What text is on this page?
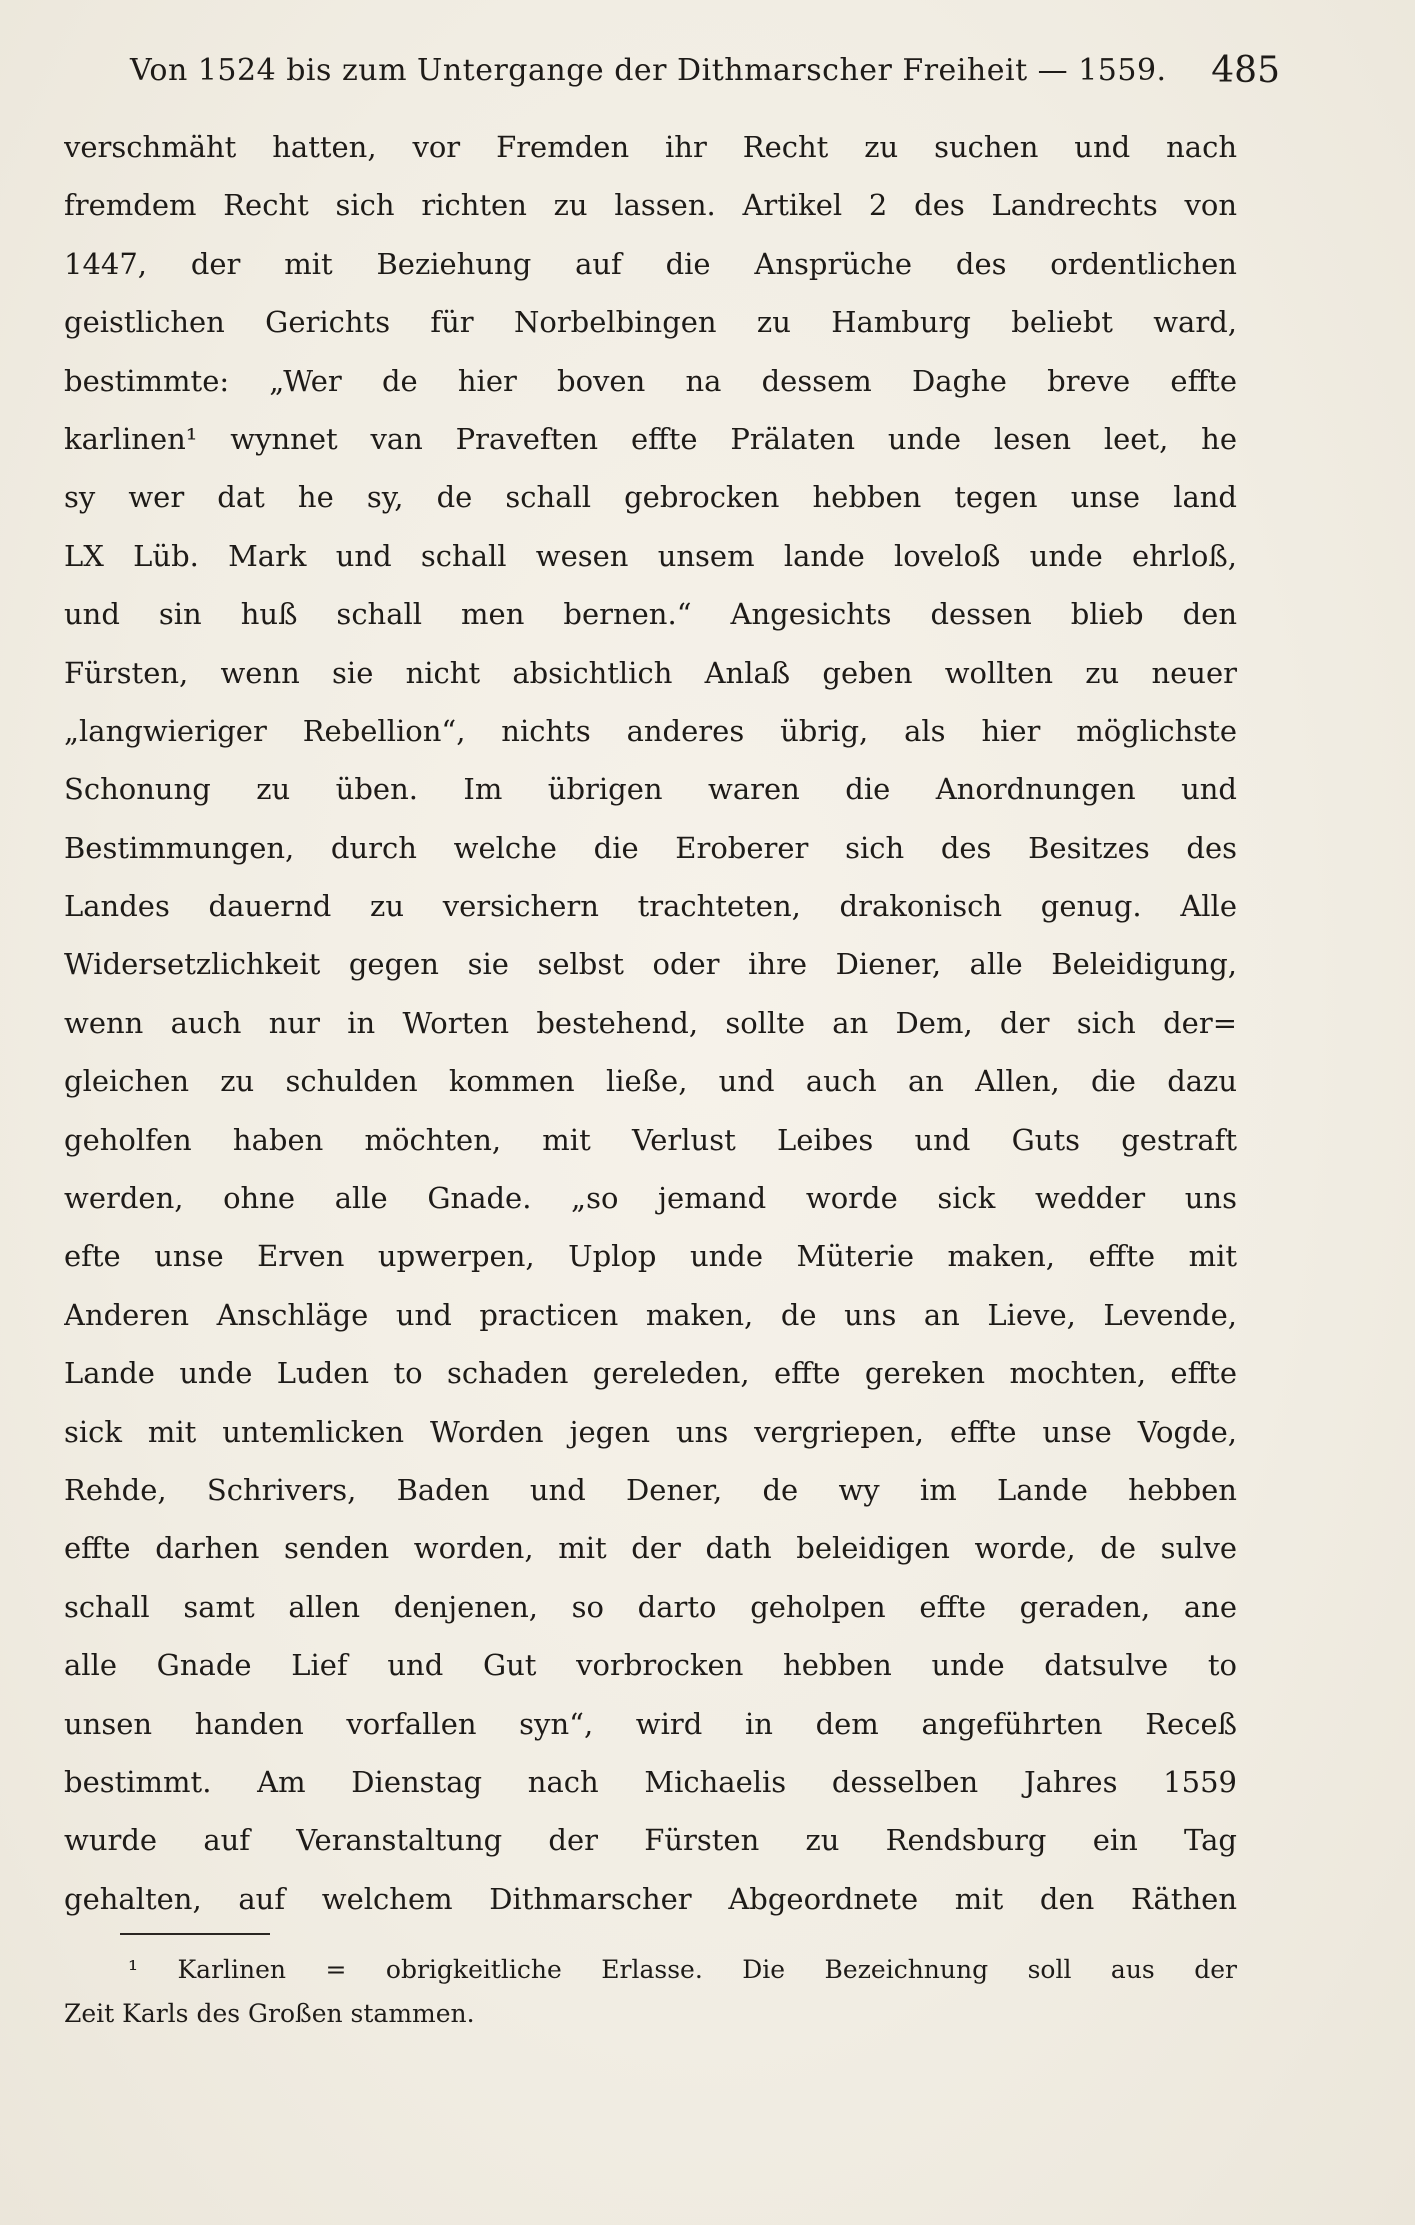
Von 1524 bis zum Untergange der Dithmarscher Freiheit — 1559. 485
verschmäht hatten, vor Fremden ihr Recht zu suchen und nach
fremdem Recht sich richten zu lassen. Artikel 2 des Landrechts von
1447, der mit Beziehung auf die Ansprüche des ordentlichen
geistlichen Gerichts für Norbelbingen zu Hamburg beliebt ward,
bestimmte: „Wer de hier boven na dessem Daghe breve effte
karlinen¹ wynnet van Praveften effte Prälaten unde lesen leet, he
sy wer dat he sy, de schall gebrocken hebben tegen unse land
LX Lüb. Mark und schall wesen unsem lande loveloß unde ehrloß,
und sin huß schall men bernen.“ Angesichts dessen blieb den
Fürsten, wenn sie nicht absichtlich Anlaß geben wollten zu neuer
„langwieriger Rebellion“, nichts anderes übrig, als hier möglichste
Schonung zu üben. Im übrigen waren die Anordnungen und
Bestimmungen, durch welche die Eroberer sich des Besitzes des
Landes dauernd zu versichern trachteten, drakonisch genug. Alle
Widersetzlichkeit gegen sie selbst oder ihre Diener, alle Beleidigung,
wenn auch nur in Worten bestehend, sollte an Dem, der sich der=
gleichen zu schulden kommen ließe, und auch an Allen, die dazu
geholfen haben möchten, mit Verlust Leibes und Guts gestraft
werden, ohne alle Gnade. „so jemand worde sick wedder uns
efte unse Erven upwerpen, Uplop unde Müterie maken, effte mit
Anderen Anschläge und practicen maken, de uns an Lieve, Levende,
Lande unde Luden to schaden gereleden, effte gereken mochten, effte
sick mit untemlicken Worden jegen uns vergriepen, effte unse Vogde,
Rehde, Schrivers, Baden und Dener, de wy im Lande hebben
effte darhen senden worden, mit der dath beleidigen worde, de sulve
schall samt allen denjenen, so darto geholpen effte geraden, ane
alle Gnade Lief und Gut vorbrocken hebben unde datsulve to
unsen handen vorfallen syn“, wird in dem angeführten Receß
bestimmt. Am Dienstag nach Michaelis desselben Jahres 1559
wurde auf Veranstaltung der Fürsten zu Rendsburg ein Tag
gehalten, auf welchem Dithmarscher Abgeordnete mit den Räthen
¹ Karlinen = obrigkeitliche Erlasse. Die Bezeichnung soll aus der
Zeit Karls des Großen stammen.
